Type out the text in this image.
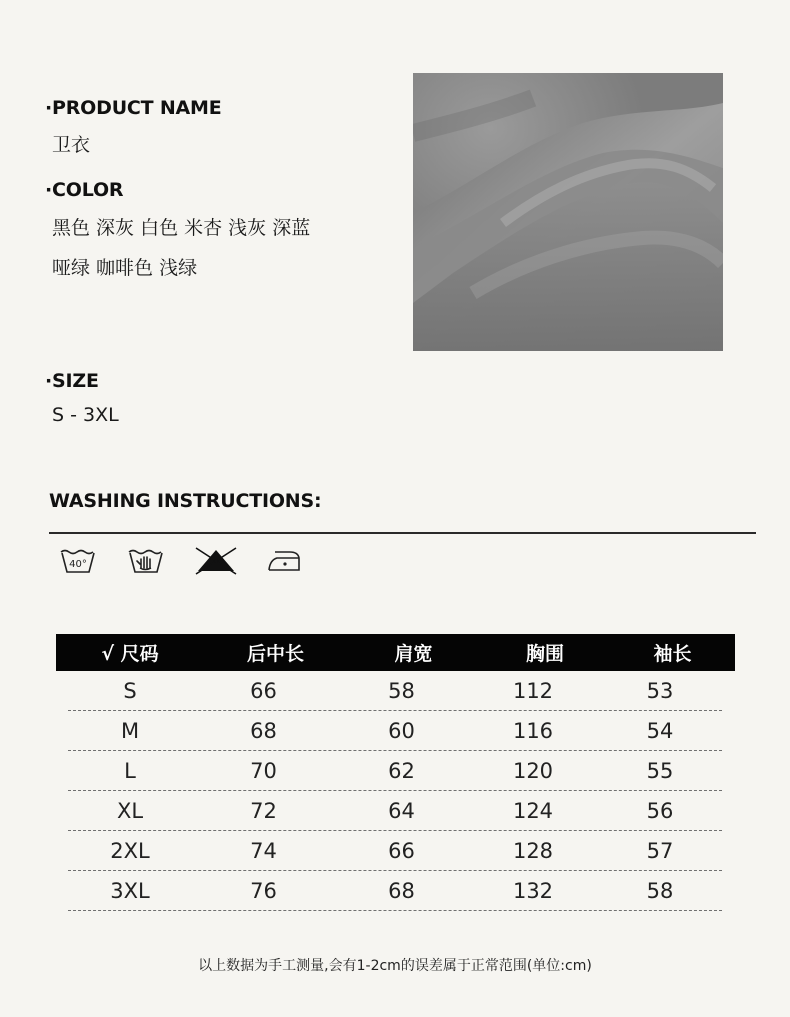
·PRODUCT NAME
卫衣
·COLOR
黑色 深灰 白色 米杏 浅灰 深蓝
哑绿 咖啡色 浅绿
·SIZE
S - 3XL
WASHING INSTRUCTIONS:
40°
√ 尺码	后中长	肩宽	胸围	袖长
S	66	58	112	53
M	68	60	116	54
L	70	62	120	55
XL	72	64	124	56
2XL	74	66	128	57
3XL	76	68	132	58
以上数据为手工测量,会有1-2cm的误差属于正常范围(单位:cm)
